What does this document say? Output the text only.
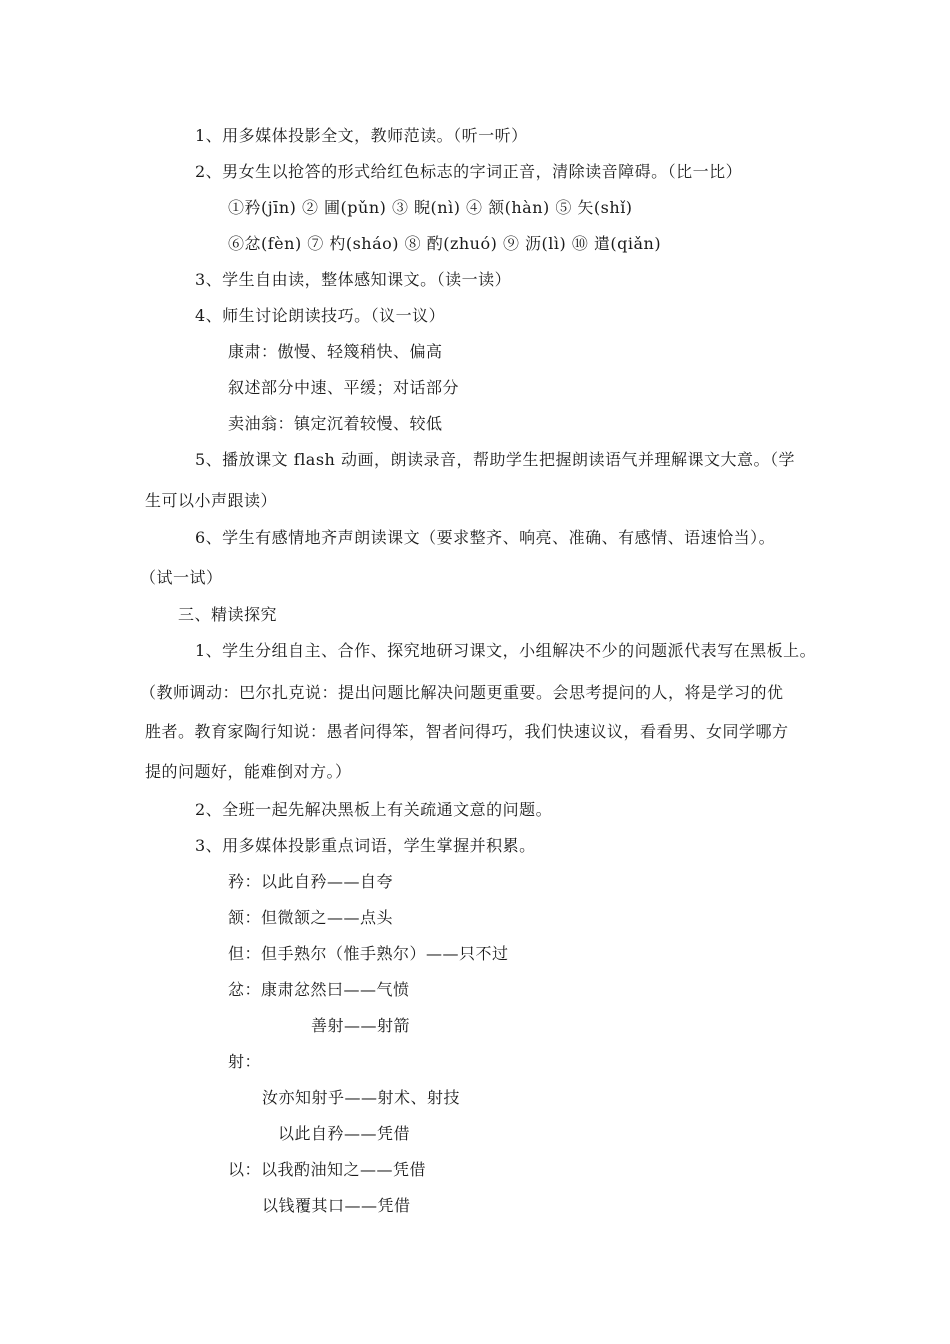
1、用多媒体投影全文，教师范读。（听一听）
2、男女生以抢答的形式给红色标志的字词正音，清除读音障碍。（比一比）
①矜(jīn) ② 圃(pǔn) ③ 睨(nì) ④ 颔(hàn) ⑤ 矢(shǐ)
⑥忿(fèn) ⑦ 杓(sháo) ⑧ 酌(zhuó) ⑨ 沥(lì) ⑩ 遣(qiǎn)
3、学生自由读，整体感知课文。（读一读）
4、师生讨论朗读技巧。（议一议）
康肃：傲慢、轻篾稍快、偏高
叙述部分中速、平缓；对话部分
卖油翁：镇定沉着较慢、较低
5、播放课文 flash 动画，朗读录音，帮助学生把握朗读语气并理解课文大意。（学
生可以小声跟读）
6、学生有感情地齐声朗读课文（要求整齐、响亮、准确、有感情、语速恰当）。
（试一试）
三、精读探究
1、学生分组自主、合作、探究地研习课文，小组解决不少的问题派代表写在黑板上。
（教师调动：巴尔扎克说：提出问题比解决问题更重要。会思考提问的人，将是学习的优
胜者。教育家陶行知说：愚者问得笨，智者问得巧，我们快速议议，看看男、女同学哪方
提的问题好，能难倒对方。）
2、全班一起先解决黑板上有关疏通文意的问题。
3、用多媒体投影重点词语，学生掌握并积累。
矜：以此自矜——自夸
颔：但微颔之——点头
但：但手熟尔（惟手熟尔）——只不过
忿：康肃忿然曰——气愤
善射——射箭
射：
汝亦知射乎——射术、射技
以此自矜——凭借
以：以我酌油知之——凭借
以钱覆其口——凭借
